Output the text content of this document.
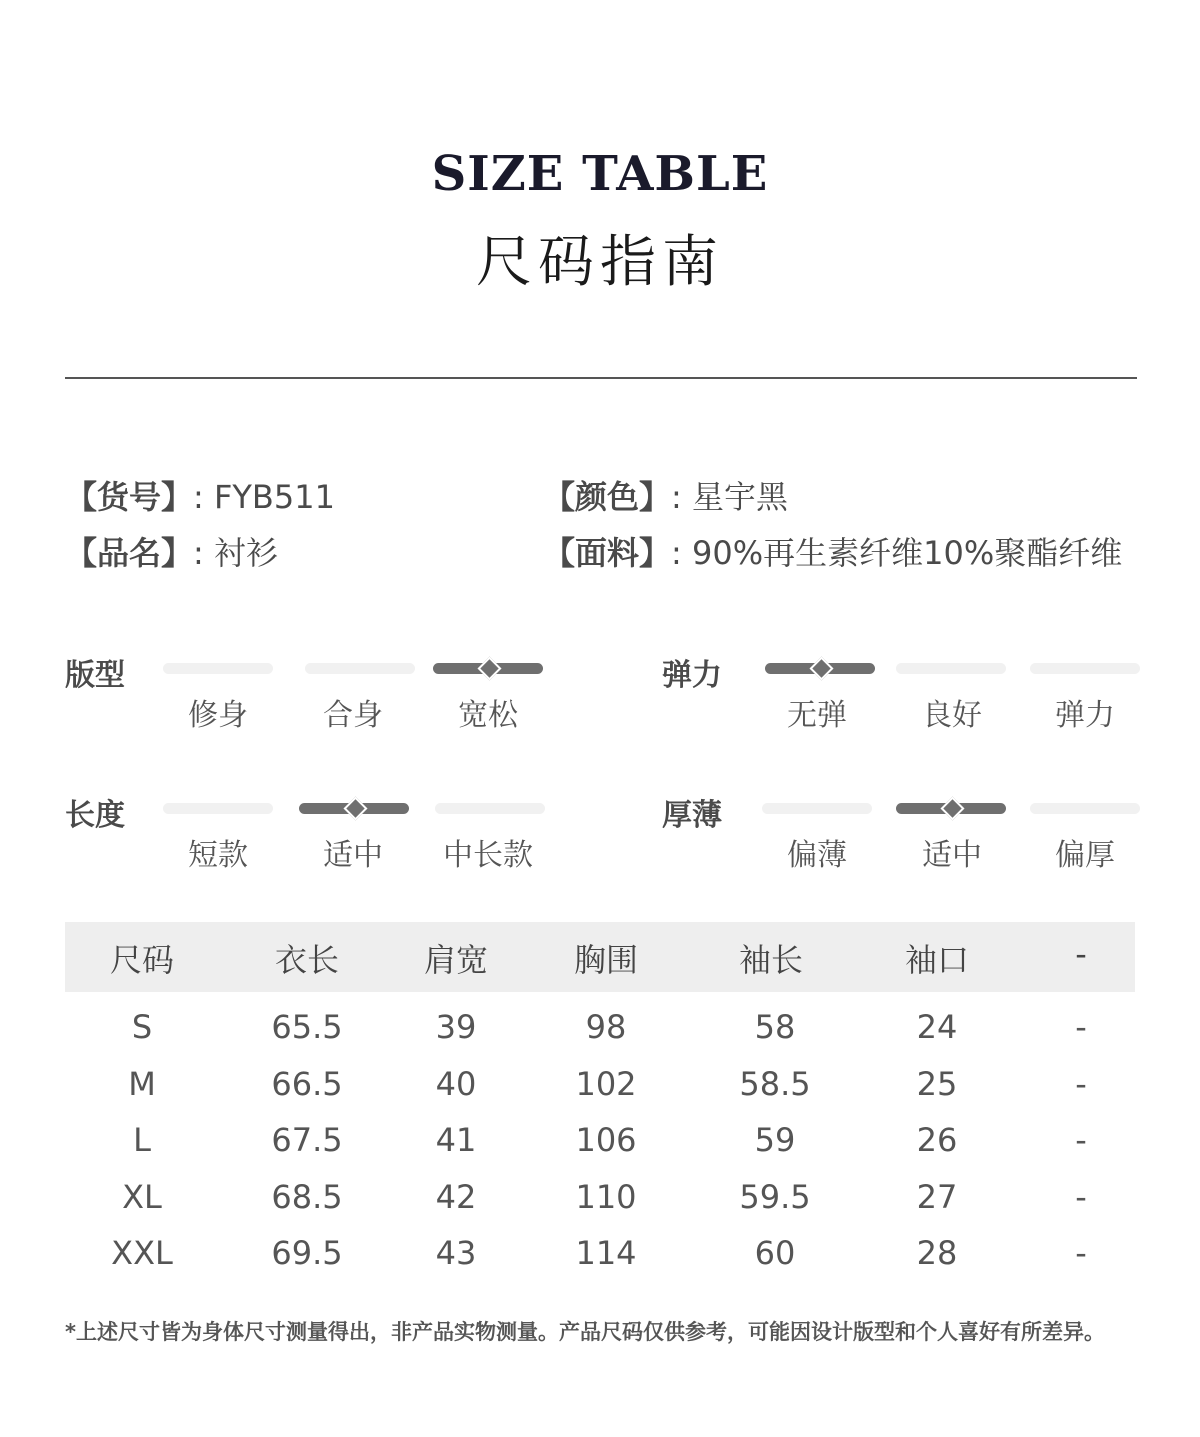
SIZE TABLE
尺码指南
【货号】: FYB511
【品名】: 衬衫
【颜色】: 星宇黑
【面料】: 90%再生素纤维10%聚酯纤维
版型
修身	合身	宽松
弹力
无弹	良好	弹力
长度
短款	适中	中长款
厚薄
偏薄	适中	偏厚
尺码	衣长	肩宽	胸围	袖长	袖口	-
S	65.5	39	98	58	24	-
M	66.5	40	102	58.5	25	-
L	67.5	41	106	59	26	-
XL	68.5	42	110	59.5	27	-
XXL	69.5	43	114	60	28	-
*上述尺寸皆为身体尺寸测量得出，非产品实物测量。产品尺码仅供参考，可能因设计版型和个人喜好有所差异。
